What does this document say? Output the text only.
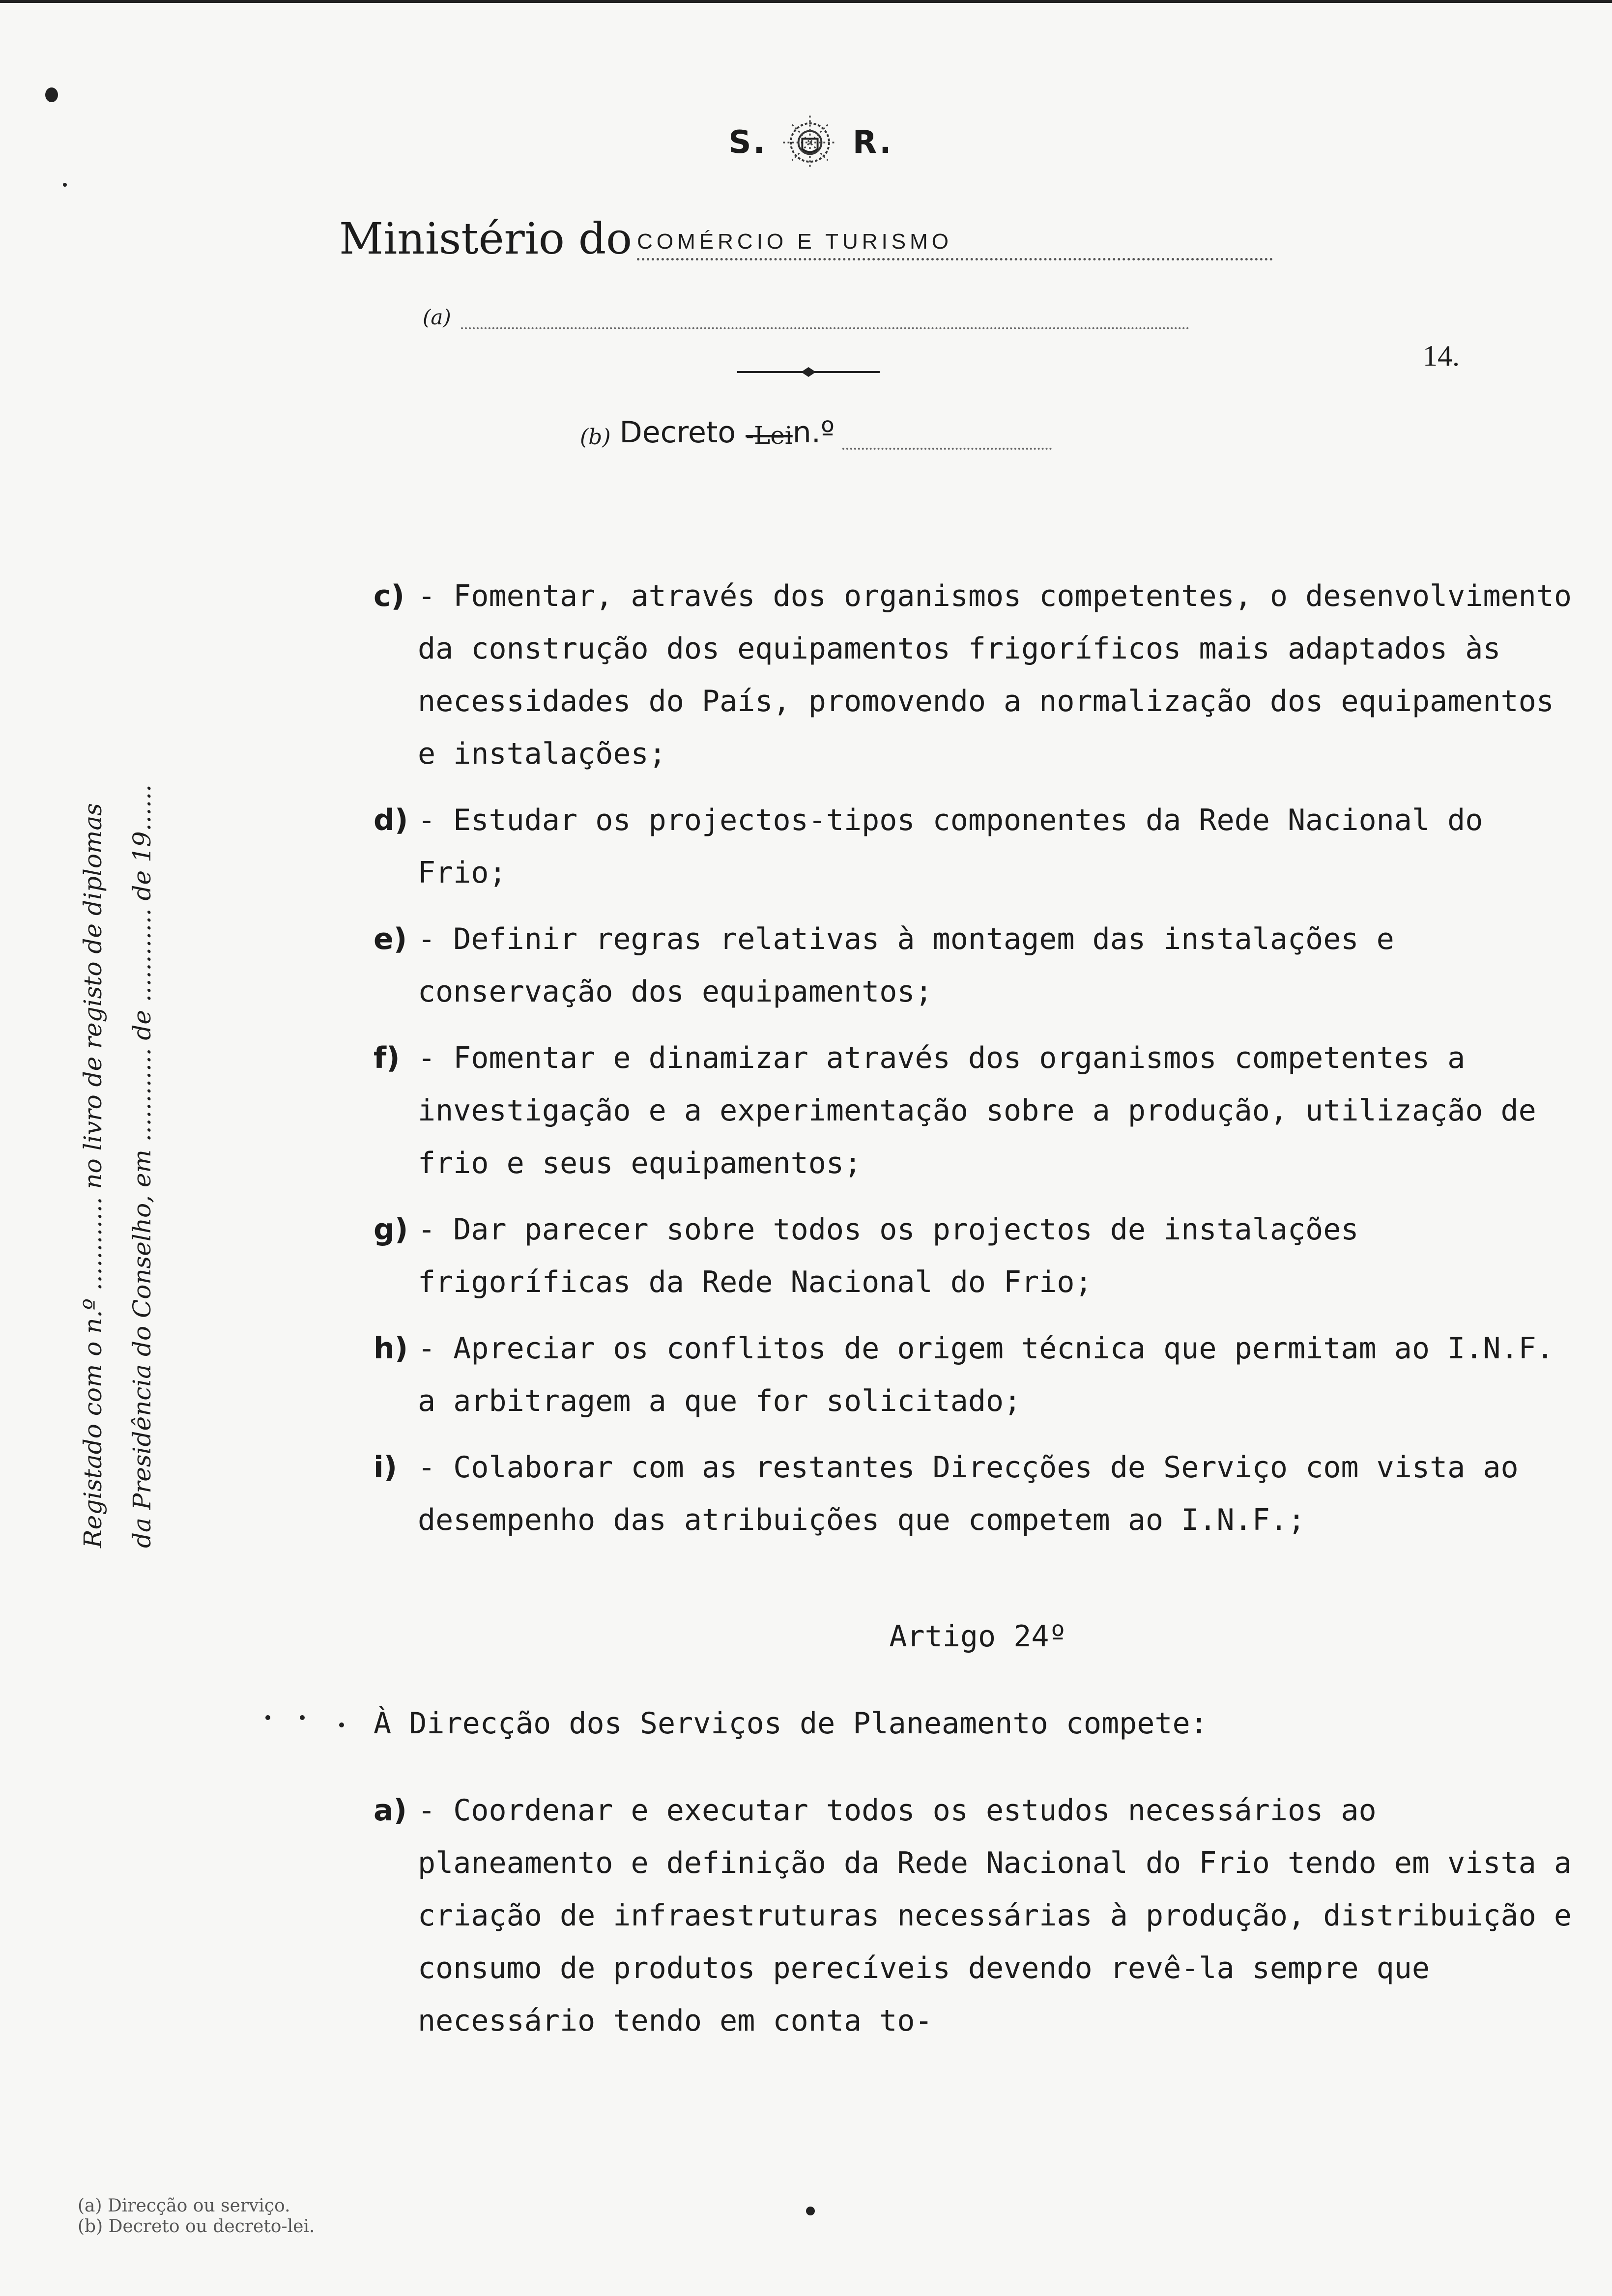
S.	R.
Ministério do COMÉRCIO E TURISMO
(a)
14.
(b) Decreto -Lei n.º
Registado com o n.º ............ no livro de registo de diplomas da Presidência do Conselho, em ............ de ............ de 19......
c) - Fomentar, através dos organismos competentes, o desenvolvimento da construção dos equipamentos frigoríficos mais adaptados às necessidades do País, promovendo a normalização dos equipamentos e instalações;
d) - Estudar os projectos-tipos componentes da Rede Nacional do Frio;
e) - Definir regras relativas à montagem das instalações e conservação dos equipamentos;
f) - Fomentar e dinamizar através dos organismos competentes a investigação e a experimentação sobre a produção, utilização de frio e seus equipamentos;
g) - Dar parecer sobre todos os projectos de instalações frigoríficas da Rede Nacional do Frio;
h) - Apreciar os conflitos de origem técnica que permitam ao I.N.F. a arbitragem a que for solicitado;
i) - Colaborar com as restantes Direcções de Serviço com vista ao desempenho das atribuições que competem ao I.N.F.;
Artigo 24º
À Direcção dos Serviços de Planeamento compete:
a) - Coordenar e executar todos os estudos necessários ao planeamento e definição da Rede Nacional do Frio tendo em vista a criação de infraestruturas necessárias à produção, distribuição e consumo de produtos perecíveis devendo revê-la sempre que necessário tendo em conta to-
(a) Direcção ou serviço.
(b) Decreto ou decreto-lei.
